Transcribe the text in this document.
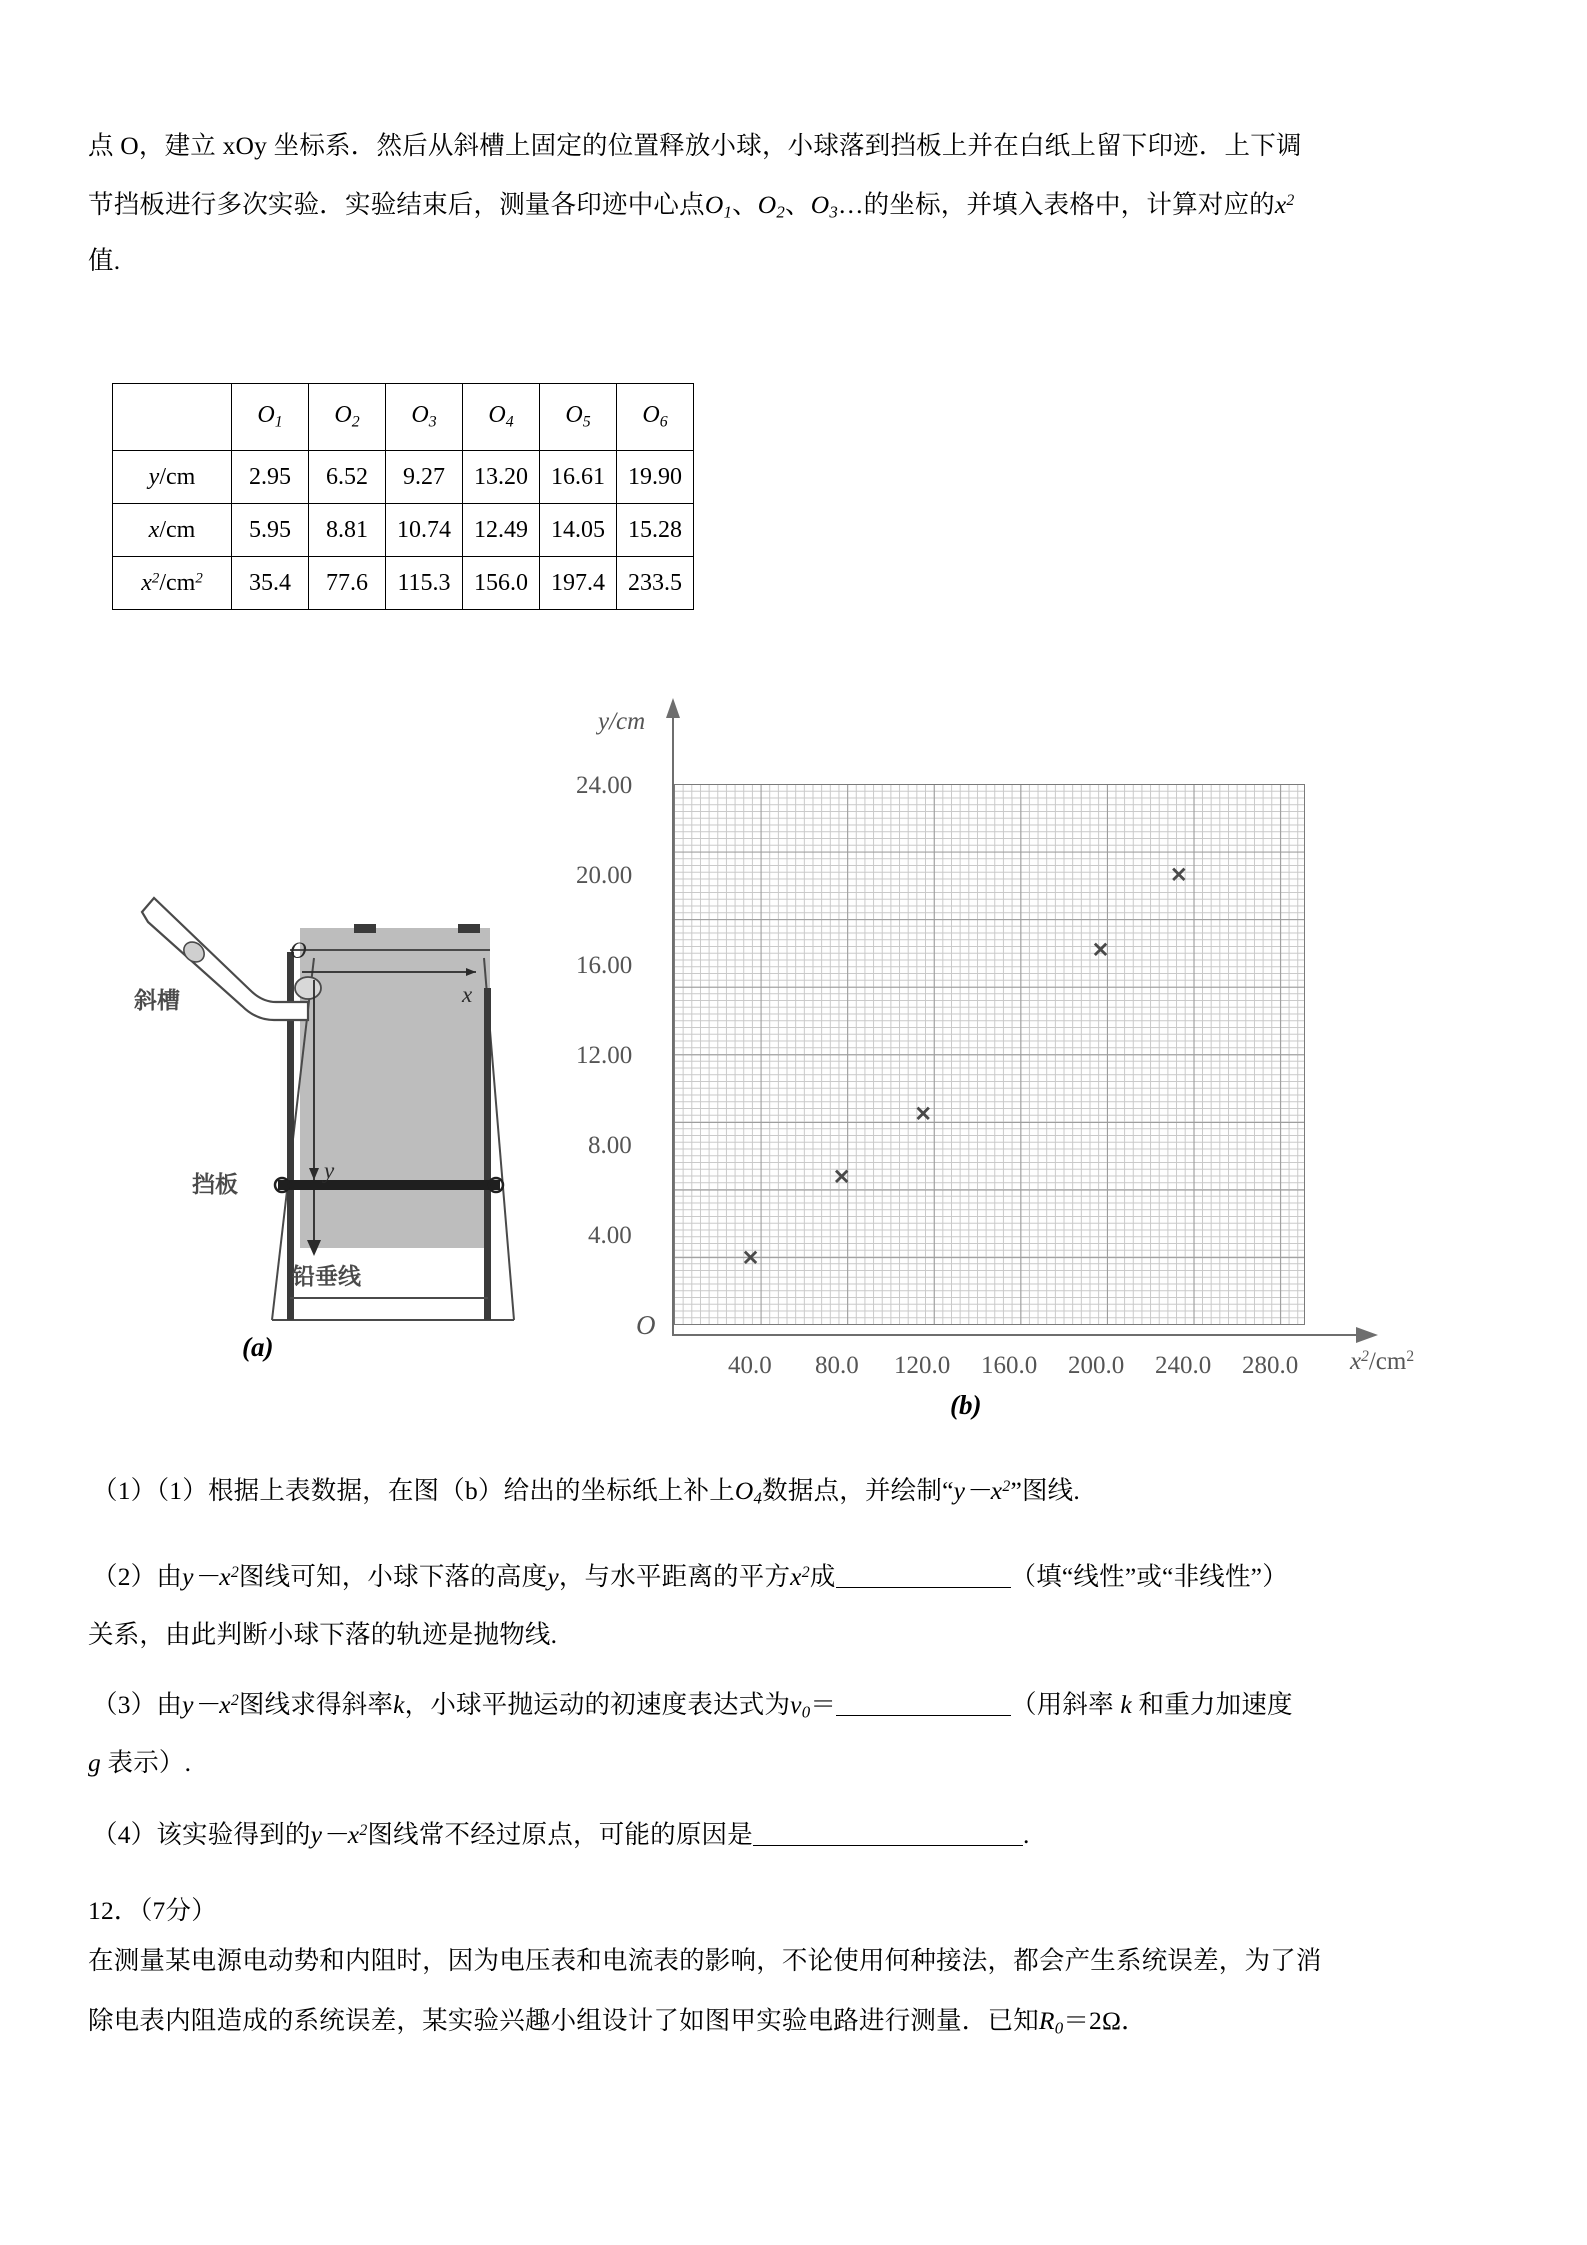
点 O，建立 xOy 坐标系．然后从斜槽上固定的位置释放小球，小球落到挡板上并在白纸上留下印迹．上下调
节挡板进行多次实验．实验结束后，测量各印迹中心点$O_1$、$O_2$、$O_3\dots$的坐标，并填入表格中，计算对应的$x^2$
值.
	$O_1$	$O_2$	$O_3$	$O_4$	$O_5$	$O_6$
y/cm	2.95	6.52	9.27	13.20	16.61	19.90
x/cm	5.95	8.81	10.74	12.49	14.05	15.28
$x^2/cm^2$	35.4	77.6	115.3	156.0	197.4	233.5
斜槽
挡板
铅垂线
O
x
y
(a)
y/cm
✕
✕
✕
✕
✕
24.00
20.00
16.00
12.00
8.00
4.00
O
40.0 80.0 120.0 160.0 200.0 240.0 280.0 $x^2/cm^2$
(b)
（1）（1）根据上表数据，在图（b）给出的坐标纸上补上$O_4$数据点，并绘制“$y-x^2$”图线.
（2）由$y-x^2$图线可知，小球下落的高度y，与水平距离的平方$x^2$成	（填“线性”或“非线性”）
关系，由此判断小球下落的轨迹是抛物线.
（3）由$y-x^2$图线求得斜率k，小球平抛运动的初速度表达式为$v_0=$	（用斜率 k 和重力加速度
g 表示）.
（4）该实验得到的$y-x^2$图线常不经过原点，可能的原因是	.
12．（7分）
在测量某电源电动势和内阻时，因为电压表和电流表的影响，不论使用何种接法，都会产生系统误差，为了消
除电表内阻造成的系统误差，某实验兴趣小组设计了如图甲实验电路进行测量．已知$R_0=2\Omega$．
